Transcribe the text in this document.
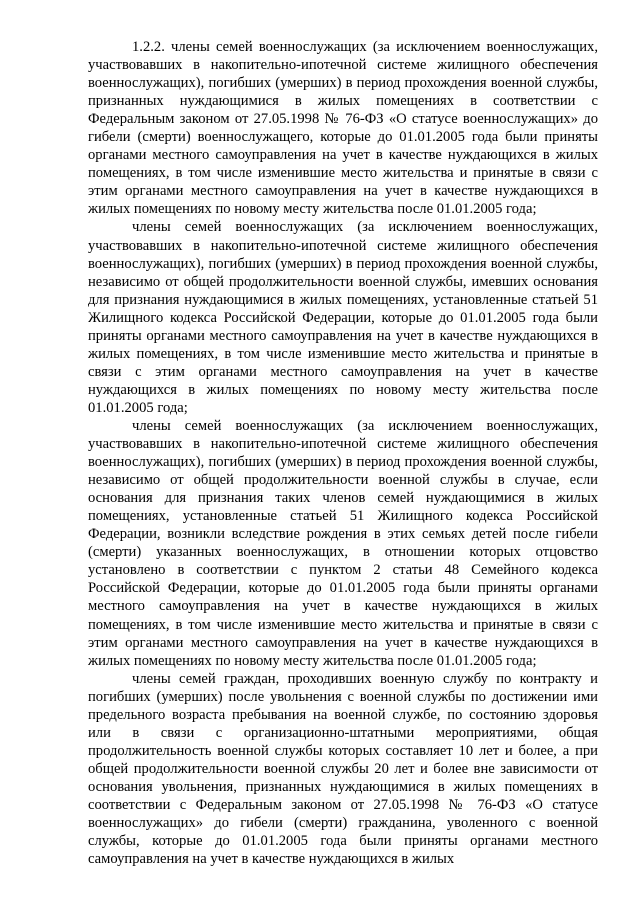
1.2.2. члены семей военнослужащих (за исключением военнослужащих, участвовавших в накопительно-ипотечной системе жилищного обеспечения военнослужащих), погибших (умерших) в период прохождения военной службы, признанных нуждающимися в жилых помещениях в соответствии с Федеральным законом от 27.05.1998 № 76-ФЗ «О статусе военнослужащих» до гибели (смерти) военнослужащего, которые до 01.01.2005 года были приняты органами местного самоуправления на учет в качестве нуждающихся в жилых помещениях, в том числе изменившие место жительства и принятые в связи с этим органами местного самоуправления на учет в качестве нуждающихся в жилых помещениях по новому месту жительства после 01.01.2005 года;

члены семей военнослужащих (за исключением военнослужащих, участвовавших в накопительно-ипотечной системе жилищного обеспечения военнослужащих), погибших (умерших) в период прохождения военной службы, независимо от общей продолжительности военной службы, имевших основания для признания нуждающимися в жилых помещениях, установленные статьей 51 Жилищного кодекса Российской Федерации, которые до 01.01.2005 года были приняты органами местного самоуправления на учет в качестве нуждающихся в жилых помещениях, в том числе изменившие место жительства и принятые в связи с этим органами местного самоуправления на учет в качестве нуждающихся в жилых помещениях по новому месту жительства после 01.01.2005 года;

члены семей военнослужащих (за исключением военнослужащих, участвовавших в накопительно-ипотечной системе жилищного обеспечения военнослужащих), погибших (умерших) в период прохождения военной службы, независимо от общей продолжительности военной службы в случае, если основания для признания таких членов семей нуждающимися в жилых помещениях, установленные статьей 51 Жилищного кодекса Российской Федерации, возникли вследствие рождения в этих семьях детей после гибели (смерти) указанных военнослужащих, в отношении которых отцовство установлено в соответствии с пунктом 2 статьи 48 Семейного кодекса Российской Федерации, которые до 01.01.2005 года были приняты органами местного самоуправления на учет в качестве нуждающихся в жилых помещениях, в том числе изменившие место жительства и принятые в связи с этим органами местного самоуправления на учет в качестве нуждающихся в жилых помещениях по новому месту жительства после 01.01.2005 года;

члены семей граждан, проходивших военную службу по контракту и погибших (умерших) после увольнения с военной службы по достижении ими предельного возраста пребывания на военной службе, по состоянию здоровья или в связи с организационно-штатными мероприятиями, общая продолжительность военной службы которых составляет 10 лет и более, а при общей продолжительности военной службы 20 лет и более вне зависимости от основания увольнения, признанных нуждающимися в жилых помещениях в соответствии с Федеральным законом от 27.05.1998 № 76-ФЗ «О статусе военнослужащих» до гибели (смерти) гражданина, уволенного с военной службы, которые до 01.01.2005 года были приняты органами местного самоуправления на учет в качестве нуждающихся в жилых
